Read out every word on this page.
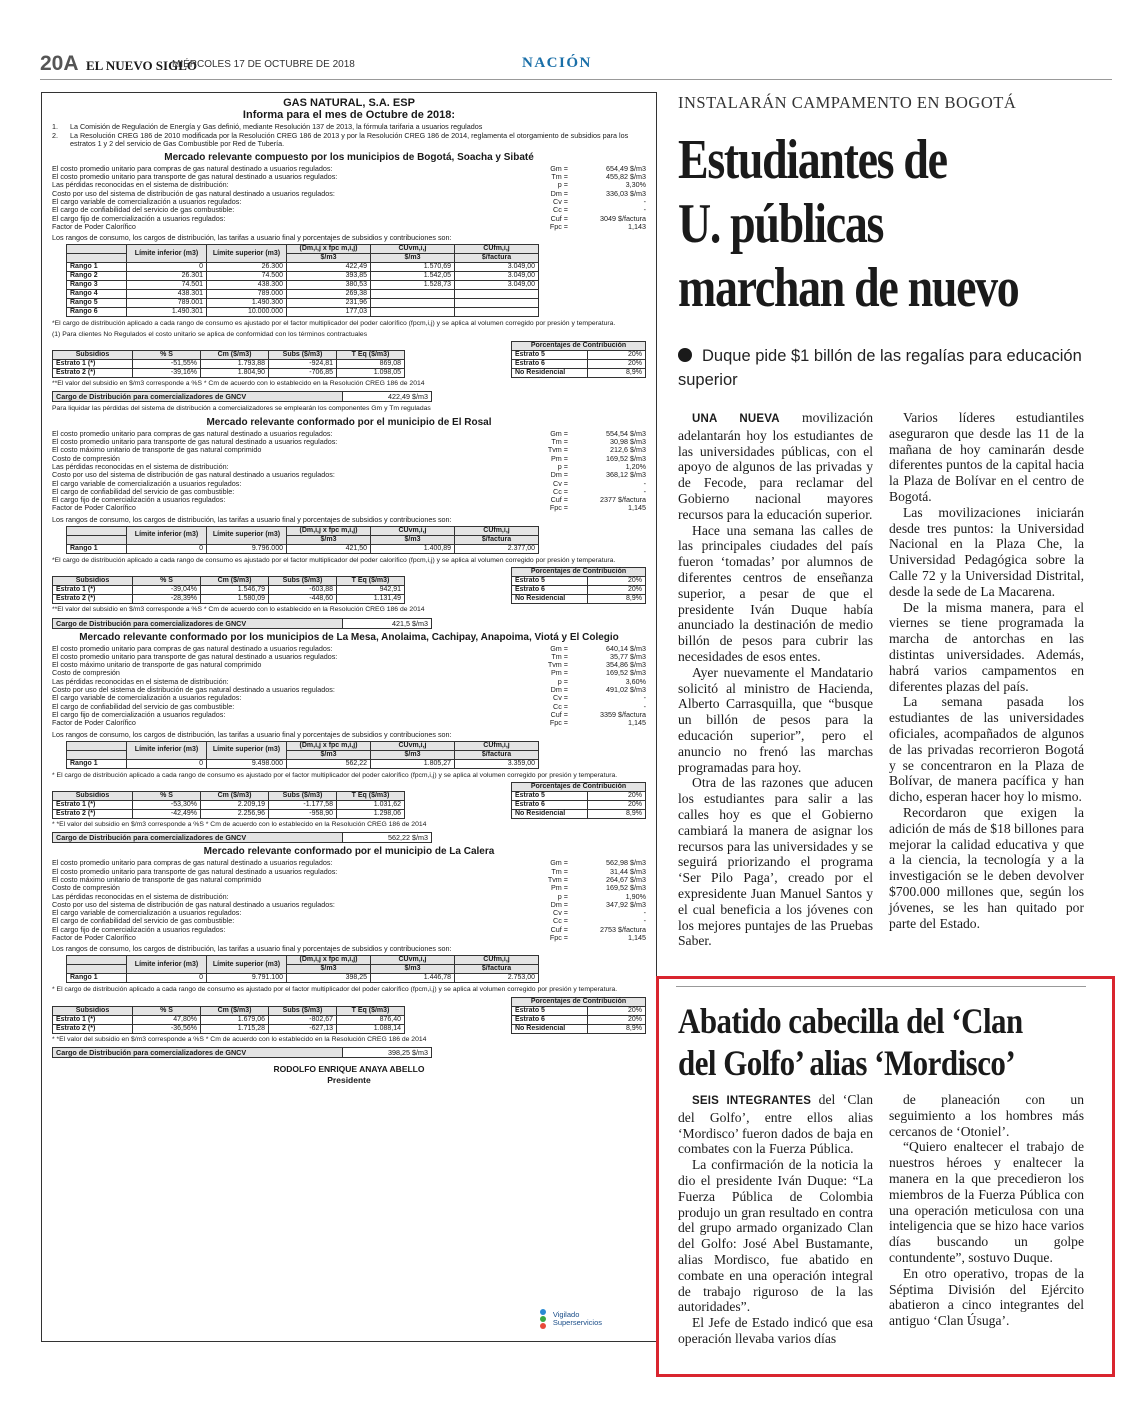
20A EL NUEVO SIGLO
MIÉRCOLES 17 DE OCTUBRE DE 2018	NACIÓN
GAS NATURAL, S.A. ESP
Informa para el mes de Octubre de 2018:
1.	La Comisión de Regulación de Energía y Gas definió, mediante Resolución 137 de 2013, la fórmula tarifaria a usuarios regulados
2.	La Resolución CREG 186 de 2010 modificada por la Resolución CREG 186 de 2013 y por la Resolución CREG 186 de 2014, reglamenta el otorgamiento de subsidios para los estratos 1 y 2 del servicio de Gas Combustible por Red de Tubería.
Mercado relevante compuesto por los municipios de Bogotá, Soacha y Sibaté
El costo promedio unitario para compras de gas natural destinado a usuarios regulados:	Gm =	654,49 $/m3
El costo promedio unitario para transporte de gas natural destinado a usuarios regulados:	Tm =	455,82 $/m3
Las pérdidas reconocidas en el sistema de distribución:	p =	3,30%
Costo por uso del sistema de distribución de gas natural destinado a usuarios regulados:	Dm =	336,03 $/m3
El cargo variable de comercialización a usuarios regulados:	Cv =	-
El cargo de confiabilidad del servicio de gas combustible:	Cc =	-
El cargo fijo de comercialización a usuarios regulados:	Cuf =	3049 $/factura
Factor de Poder Calorífico	Fpc =	1,143
Los rangos de consumo, los cargos de distribución, las tarifas a usuario final y porcentajes de subsidios y contribuciones son:
	Límite inferior (m3)	Límite superior (m3)	(Dm,i,j x fpc m,i,j)	CUvm,i,j	CUfm,i,j
			$/m3	$/m3	$/factura
Rango 1	0	26.300	422,49	1.570,69	3.049,00
Rango 2	26.301	74.500	393,85	1.542,05	3.049,00
Rango 3	74.501	438.300	380,53	1.528,73	3.049,00
Rango 4	438.301	789.000	269,38		
Rango 5	789.001	1.490.300	231,96		
Rango 6	1.490.301	10.000.000	177,03		
*El cargo de distribución aplicado a cada rango de consumo es ajustado por el factor multiplicador del poder calorífico (fpcm,i,j) y se aplica al volumen corregido por presión y temperatura.
(1) Para clientes No Regulados el costo unitario se aplica de conformidad con los términos contractuales
Subsidios	% S	Cm ($/m3)	Subs ($/m3)	T Eq ($/m3)
Estrato 1 (*)	-51,55%	1.793,88	-924,81	869,08
Estrato 2 (*)	-39,16%	1.804,90	-706,85	1.098,05
Porcentajes de Contribución	
Estrato 5	20%
Estrato 6	20%
No Residencial	8,9%
**El valor del subsidio en $/m3 corresponde a %S * Cm de acuerdo con lo establecido en la Resolución CREG 186 de 2014
Cargo de Distribución para comercializadores de GNCV	422,49 $/m3
Para liquidar las pérdidas del sistema de distribución a comercializadores se emplearán los componentes Gm y Tm reguladas
Mercado relevante conformado por el municipio de El Rosal
El costo promedio unitario para compras de gas natural destinado a usuarios regulados:	Gm =	554,54 $/m3
El costo promedio unitario para transporte de gas natural destinado a usuarios regulados:	Tm =	30,98 $/m3
El costo máximo unitario de transporte de gas natural comprimido	Tvm =	212,6 $/m3
Costo de compresión	Pm =	169,52 $/m3
Las pérdidas reconocidas en el sistema de distribución:	p =	1,20%
Costo por uso del sistema de distribución de gas natural destinado a usuarios regulados:	Dm =	368,12 $/m3
El cargo variable de comercialización a usuarios regulados:	Cv =	-
El cargo de confiabilidad del servicio de gas combustible:	Cc =	-
El cargo fijo de comercialización a usuarios regulados:	Cuf =	2377 $/factura
Factor de Poder Calorífico	Fpc =	1,145
Los rangos de consumo, los cargos de distribución, las tarifas a usuario final y porcentajes de subsidios y contribuciones son:
	Límite inferior (m3)	Límite superior (m3)	(Dm,i,j x fpc m,i,j)	CUvm,i,j	CUfm,i,j
			$/m3	$/m3	$/factura
Rango 1	0	9.796.000	421,50	1.400,89	2.377,00
*El cargo de distribución aplicado a cada rango de consumo es ajustado por el factor multiplicador del poder calorífico (fpcm,i,j) y se aplica al volumen corregido por presión y temperatura.
Subsidios	% S	Cm ($/m3)	Subs ($/m3)	T Eq ($/m3)
Estrato 1 (*)	-39,04%	1.546,79	-603,88	942,91
Estrato 2 (*)	-28,39%	1.580,09	-448,60	1.131,49
Porcentajes de Contribución	
Estrato 5	20%
Estrato 6	20%
No Residencial	8,9%
**El valor del subsidio en $/m3 corresponde a %S * Cm de acuerdo con lo establecido en la Resolución CREG 186 de 2014
Cargo de Distribución para comercializadores de GNCV	421,5 $/m3
Mercado relevante conformado por los municipios de La Mesa, Anolaima, Cachipay, Anapoima, Viotá y El Colegio
El costo promedio unitario para compras de gas natural destinado a usuarios regulados:	Gm =	640,14 $/m3
El costo promedio unitario para transporte de gas natural destinado a usuarios regulados:	Tm =	35,77 $/m3
El costo máximo unitario de transporte de gas natural comprimido	Tvm =	354,86 $/m3
Costo de compresión	Pm =	169,52 $/m3
Las pérdidas reconocidas en el sistema de distribución:	p =	3,60%
Costo por uso del sistema de distribución de gas natural destinado a usuarios regulados:	Dm =	491,02 $/m3
El cargo variable de comercialización a usuarios regulados:	Cv =	-
El cargo de confiabilidad del servicio de gas combustible:	Cc =	-
El cargo fijo de comercialización a usuarios regulados:	Cuf =	3359 $/factura
Factor de Poder Calorífico	Fpc =	1,145
Los rangos de consumo, los cargos de distribución, las tarifas a usuario final y porcentajes de subsidios y contribuciones son:
	Límite inferior (m3)	Límite superior (m3)	(Dm,i,j x fpc m,i,j)	CUvm,i,j	CUfm,i,j
			$/m3	$/m3	$/factura
Rango 1	0	9.498.000	562,22	1.805,27	3.359,00
* El cargo de distribución aplicado a cada rango de consumo es ajustado por el factor multiplicador del poder calorífico (fpcm,i,j) y se aplica al volumen corregido por presión y temperatura.
Subsidios	% S	Cm ($/m3)	Subs ($/m3)	T Eq ($/m3)
Estrato 1 (*)	-53,30%	2.209,19	-1.177,58	1.031,62
Estrato 2 (*)	-42,49%	2.256,96	-958,90	1.298,06
Porcentajes de Contribución	
Estrato 5	20%
Estrato 6	20%
No Residencial	8,9%
* *El valor del subsidio en $/m3 corresponde a %S * Cm de acuerdo con lo establecido en la Resolución CREG 186 de 2014
Cargo de Distribución para comercializadores de GNCV	562,22 $/m3
Mercado relevante conformado por el municipio de La Calera
El costo promedio unitario para compras de gas natural destinado a usuarios regulados:	Gm =	562,98 $/m3
El costo promedio unitario para transporte de gas natural destinado a usuarios regulados:	Tm =	31,44 $/m3
El costo máximo unitario de transporte de gas natural comprimido	Tvm =	264,67 $/m3
Costo de compresión	Pm =	169,52 $/m3
Las pérdidas reconocidas en el sistema de distribución:	p =	1,90%
Costo por uso del sistema de distribución de gas natural destinado a usuarios regulados:	Dm =	347,92 $/m3
El cargo variable de comercialización a usuarios regulados:	Cv =	-
El cargo de confiabilidad del servicio de gas combustible:	Cc =	-
El cargo fijo de comercialización a usuarios regulados:	Cuf =	2753 $/factura
Factor de Poder Calorífico	Fpc =	1,145
Los rangos de consumo, los cargos de distribución, las tarifas a usuario final y porcentajes de subsidios y contribuciones son:
	Límite inferior (m3)	Límite superior (m3)	(Dm,i,j x fpc m,i,j)	CUvm,i,j	CUfm,i,j
			$/m3	$/m3	$/factura
Rango 1	0	9.791.100	398,25	1.446,78	2.753,00
* El cargo de distribución aplicado a cada rango de consumo es ajustado por el factor multiplicador del poder calorífico (fpcm,i,j) y se aplica al volumen corregido por presión y temperatura.
Subsidios	% S	Cm ($/m3)	Subs ($/m3)	T Eq ($/m3)
Estrato 1 (*)	47,80%	1.679,06	-802,67	876,40
Estrato 2 (*)	-36,56%	1.715,28	-627,13	1.088,14
Porcentajes de Contribución	
Estrato 5	20%
Estrato 6	20%
No Residencial	8,9%
* *El valor del subsidio en $/m3 corresponde a %S * Cm de acuerdo con lo establecido en la Resolución CREG 186 de 2014
Cargo de Distribución para comercializadores de GNCV	398,25 $/m3
RODOLFO ENRIQUE ANAYA ABELLO
Presidente
Vigilado
Superservicios
INSTALARÁN CAMPAMENTO EN BOGOTÁ
Estudiantes de
U. públicas
marchan de nuevo
Duque pide $1 billón de las regalías para educación superior

UNA NUEVA movilización adelantarán hoy los estudiantes de las universidades públicas, con el apoyo de algunos de las privadas y de Fecode, para reclamar del Gobierno nacional mayores recursos para la educación superior.

Hace una semana las calles de las principales ciudades del país fueron ‘tomadas’ por alumnos de diferentes centros de enseñanza superior, a pesar de que el presidente Iván Duque había anunciado la destinación de medio billón de pesos para cubrir las necesidades de esos entes.

Ayer nuevamente el Mandatario solicitó al ministro de Hacienda, Alberto Carrasquilla, que “busque un billón de pesos para la educación superior”, pero el anuncio no frenó las marchas programadas para hoy.

Otra de las razones que aducen los estudiantes para salir a las calles hoy es que el Gobierno cambiará la manera de asignar los recursos para las universidades y se seguirá priorizando el programa ‘Ser Pilo Paga’, creado por el expresidente Juan Manuel Santos y el cual beneficia a los jóvenes con los mejores puntajes de las Pruebas Saber.

Varios líderes estudiantiles aseguraron que desde las 11 de la mañana de hoy caminarán desde diferentes puntos de la capital hacia la Plaza de Bolívar en el centro de Bogotá.

Las movilizaciones iniciarán desde tres puntos: la Universidad Nacional en la Plaza Che, la Universidad Pedagógica sobre la Calle 72 y la Universidad Distrital, desde la sede de La Macarena.

De la misma manera, para el viernes se tiene programada la marcha de antorchas en las distintas universidades. Además, habrá varios campamentos en diferentes plazas del país.

La semana pasada los estudiantes de las universidades oficiales, acompañados de algunos de las privadas recorrieron Bogotá y se concentraron en la Plaza de Bolívar, de manera pacífica y han dicho, esperan hacer hoy lo mismo.

Recordaron que exigen la adición de más de $18 billones para mejorar la calidad educativa y que a la ciencia, la tecnología y a la investigación se le deben devolver $700.000 millones que, según los jóvenes, se les han quitado por parte del Estado.

Abatido cabecilla del ‘Clan
del Golfo’ alias ‘Mordisco’

SEIS INTEGRANTES del ‘Clan del Golfo’, entre ellos alias ‘Mordisco’ fueron dados de baja en combates con la Fuerza Pública.

La confirmación de la noticia la dio el presidente Iván Duque: “La Fuerza Pública de Colombia produjo un gran resultado en contra del grupo armado organizado Clan del Golfo: José Abel Bustamante, alias Mordisco, fue abatido en combate en una operación integral de trabajo riguroso de la las autoridades”.

El Jefe de Estado indicó que esa operación llevaba varios días

de planeación con un seguimiento a los hombres más cercanos de ‘Otoniel’.

“Quiero enaltecer el trabajo de nuestros héroes y enaltecer la manera en la que precedieron los miembros de la Fuerza Pública con una operación meticulosa con una inteligencia que se hizo hace varios días buscando un golpe contundente”, sostuvo Duque.

En otro operativo, tropas de la Séptima División del Ejército abatieron a cinco integrantes del antiguo ‘Clan Úsuga’.
